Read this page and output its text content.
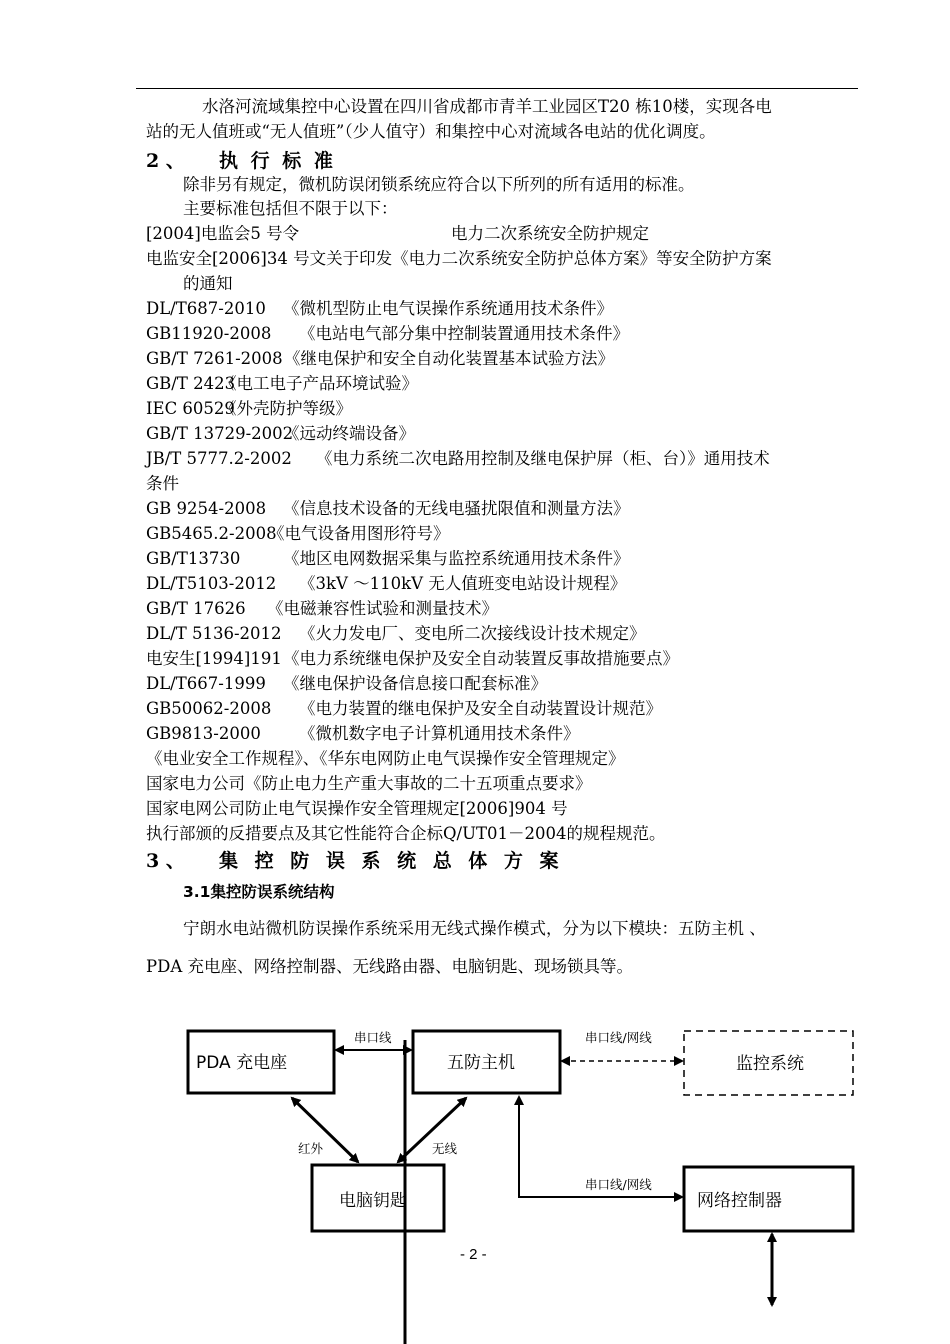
水洛河流域集控中心设置在四川省成都市青羊工业园区T20 栋10楼，实现各电
站的无人值班或“无人值班”（少人值守）和集控中心对流域各电站的优化调度。
2 、 执 行 标 准
除非另有规定，微机防误闭锁系统应符合以下所列的所有适用的标准。
主要标准包括但不限于以下：
[2004]电监会5 号令	电力二次系统安全防护规定
电监安全[2006]34 号文关于印发《电力二次系统安全防护总体方案》等安全防护方案
的通知
DL/T687-2010 《微机型防止电气误操作系统通用技术条件》
GB11920-2008 《电站电气部分集中控制装置通用技术条件》
GB/T 7261-2008 《继电保护和安全自动化装置基本试验方法》
GB/T 2423
《电工电子产品环境试验》
IEC 60529
《外壳防护等级》
GB/T 13729-2002
《远动终端设备》
JB/T 5777.2-2002 《电力系统二次电路用控制及继电保护屏（柜、台）》通用技术
条件
GB 9254-2008 《信息技术设备的无线电骚扰限值和测量方法》
GB5465.2-2008
《电气设备用图形符号》
GB/T13730	《地区电网数据采集与监控系统通用技术条件》
DL/T5103-2012 《3kV ～110kV 无人值班变电站设计规程》
GB/T 17626 《电磁兼容性试验和测量技术》
DL/T 5136-2012 《火力发电厂、变电所二次接线设计技术规定》
电安生[1994]191 《电力系统继电保护及安全自动装置反事故措施要点》
DL/T667-1999 《继电保护设备信息接口配套标准》
GB50062-2008 《电力装置的继电保护及安全自动装置设计规范》
GB9813-2000 《微机数字电子计算机通用技术条件》
《电业安全工作规程》、《华东电网防止电气误操作安全管理规定》
国家电力公司《防止电力生产重大事故的二十五项重点要求》
国家电网公司防止电气误操作安全管理规定[2006]904 号
执行部颁的反措要点及其它性能符合企标Q/UT01－2004的规程规范。
3 、 集 控 防 误 系 统 总 体 方 案
3.1集控防误系统结构
宁朗水电站微机防误操作系统采用无线式操作模式，分为以下模块：五防主机 、
PDA 充电座、网络控制器、无线路由器、电脑钥匙、现场锁具等。
PDA 充电座	五防主机	监控系统
电脑钥匙	网络控制器
串口线	串口线/网线
红外	无线
串口线/网线
- 2 -
